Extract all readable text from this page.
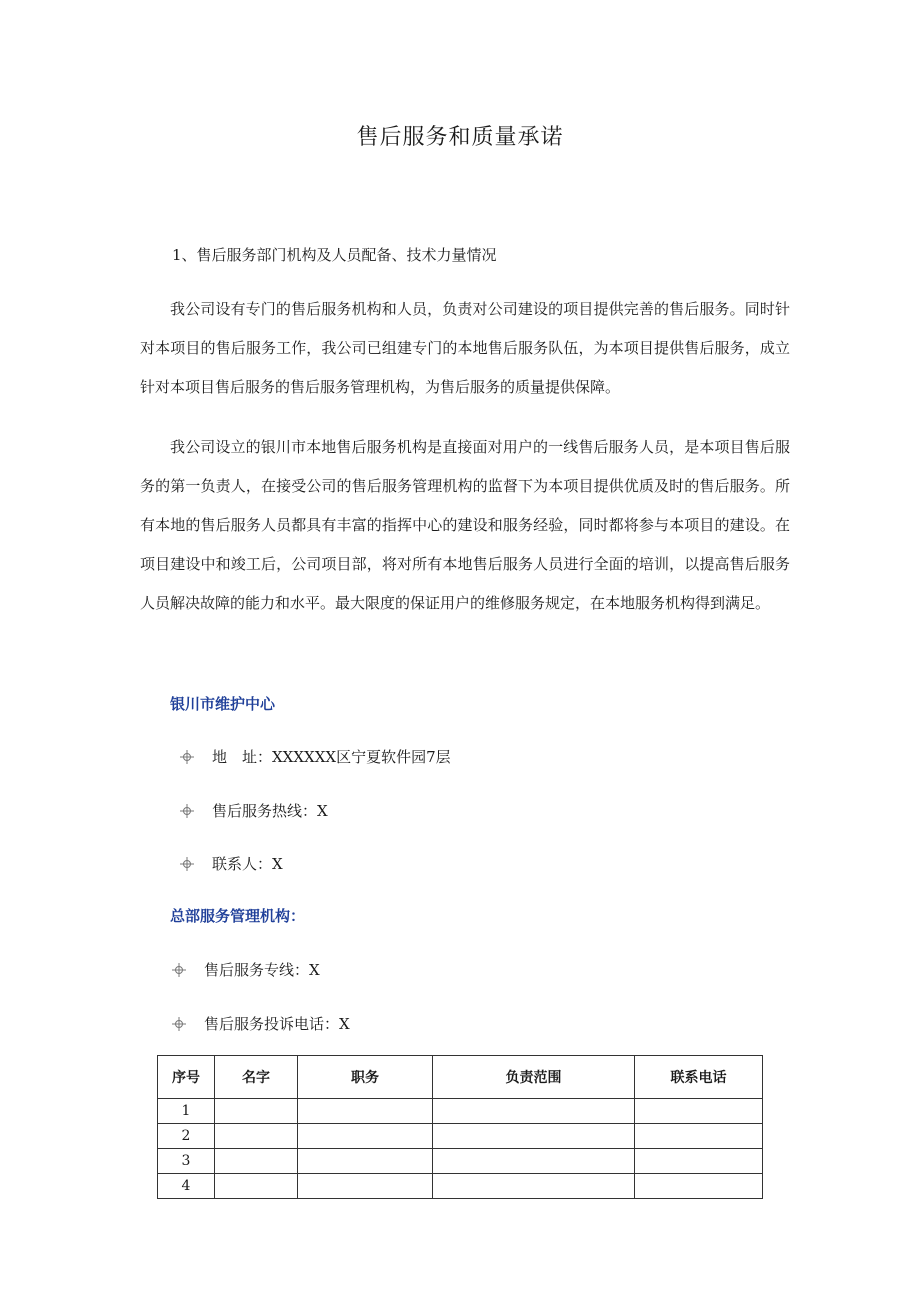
售后服务和质量承诺
1、售后服务部门机构及人员配备、技术力量情况

我公司设有专门的售后服务机构和人员，负责对公司建设的项目提供完善的售后服务。同时针对本项目的售后服务工作，我公司已组建专门的本地售后服务队伍，为本项目提供售后服务，成立针对本项目售后服务的售后服务管理机构，为售后服务的质量提供保障。

我公司设立的银川市本地售后服务机构是直接面对用户的一线售后服务人员，是本项目售后服务的第一负责人，在接受公司的售后服务管理机构的监督下为本项目提供优质及时的售后服务。所有本地的售后服务人员都具有丰富的指挥中心的建设和服务经验，同时都将参与本项目的建设。在项目建设中和竣工后，公司项目部，将对所有本地售后服务人员进行全面的培训，以提高售后服务人员解决故障的能力和水平。最大限度的保证用户的维修服务规定，在本地服务机构得到满足。

银川市维护中心
地　址：XXXXXX区宁夏软件园7层
售后服务热线：X
联系人：X
总部服务管理机构：
售后服务专线：X
售后服务投诉电话：X
序号	名字	职务	负责范围	联系电话
1				
2				
3				
4				
